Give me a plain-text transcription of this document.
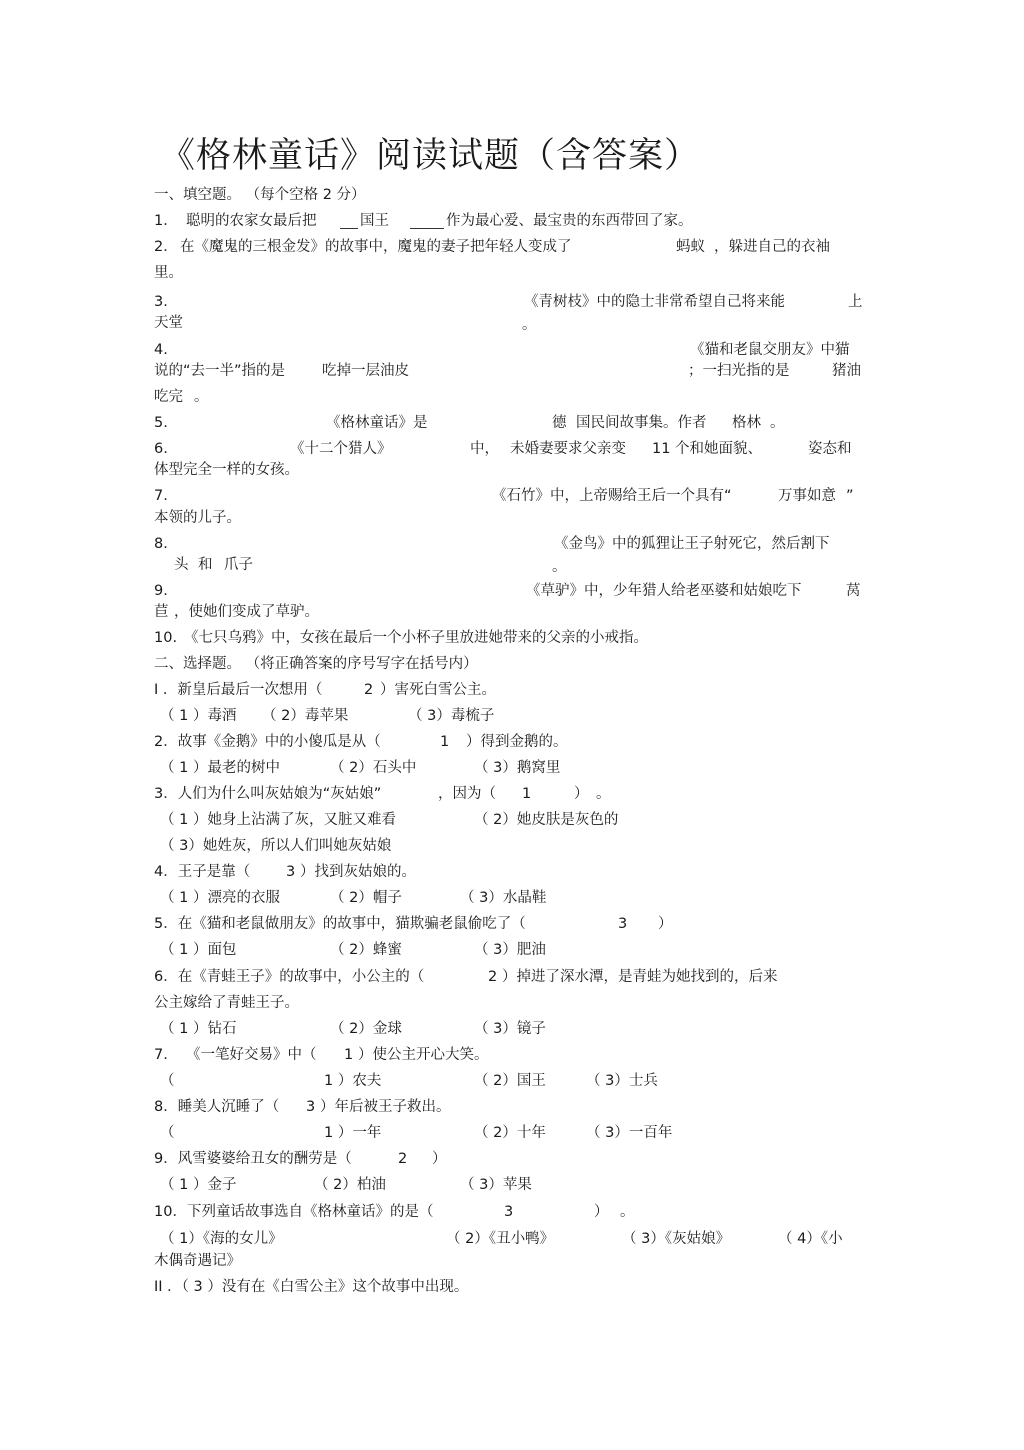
《格林童话》阅读试题（含答案）

一、填空题。 （每个空格 2 分）

1． 聪明的农家女最后把	国王	作为最心爱、最宝贵的东西带回了家。
2． 在《魔鬼的三根金发》的故事中，魔鬼的妻子把年轻人变成了	蚂蚁 ，躲进自己的衣袖
里。
3.	《青树枝》中的隐士非常希望自己将来能	上
天堂	。
4.	《猫和老鼠交朋友》中猫
说的“去一半”指的是	吃掉一层油皮	；一扫光指的是	猪油
吃完 。
5.	《格林童话》是	德 国民间故事集。作者 格林 。
6.	《十二个猎人》	中， 未婚妻要求父亲变 11 个和她面貌、	姿态和
体型完全一样的女孩。
7.	《石竹》中，上帝赐给王后一个具有“	万事如意 ”
本领的儿子。
8.	《金鸟》中的狐狸让王子射死它，然后割下
头 和 爪子	。
9.	《草驴》中，少年猎人给老巫婆和姑娘吃下	莴
苣 ，使她们变成了草驴。
10. 《七只乌鸦》中，女孩在最后一个小杯子里放进她带来的父亲的小戒指。

二、选择题。 （将正确答案的序号写字在括号内）

I ．新皇后最后一次想用（	2 ）害死白雪公主。
（ 1 ）毒酒 （ 2）毒苹果	（ 3）毒梳子
2．故事《金鹅》中的小傻瓜是从（	1 ）得到金鹅的。
（ 1 ）最老的树中	（ 2）石头中	（ 3）鹅窝里
3．人们为什么叫灰姑娘为“灰姑娘”	，因为（ 1	） 。
（ 1 ）她身上沾满了灰，又脏又难看	（ 2）她皮肤是灰色的
（ 3）她姓灰，所以人们叫她灰姑娘
4．王子是靠（ 3 ）找到灰姑娘的。
（ 1 ）漂亮的衣服	（ 2）帽子	（ 3）水晶鞋
5．在《猫和老鼠做朋友》的故事中，猫欺骗老鼠偷吃了（	3 ）
（ 1 ）面包	（ 2）蜂蜜	（ 3）肥油
6．在《青蛙王子》的故事中，小公主的（	2 ）掉进了深水潭，是青蛙为她找到的，后来
公主嫁给了青蛙王子。
（ 1 ）钻石	（ 2）金球	（ 3）镜子
7. 《一笔好交易》中（ 1 ）使公主开心大笑。
（	1 ）农夫	（ 2）国王	（ 3）士兵
8．睡美人沉睡了（ 3 ）年后被王子救出。
（	1 ）一年	（ 2）十年	（ 3）一百年
9．风雪婆婆给丑女的酬劳是（	2 ）
（ 1 ）金子	（ 2）柏油	（ 3）苹果
10．下列童话故事选自《格林童话》的是（	3	） 。
（ 1）《海的女儿》	（ 2）《丑小鸭》	（ 3）《灰姑娘》	（ 4）《小
木偶奇遇记》
II ．（ 3 ）没有在《白雪公主》这个故事中出现。
